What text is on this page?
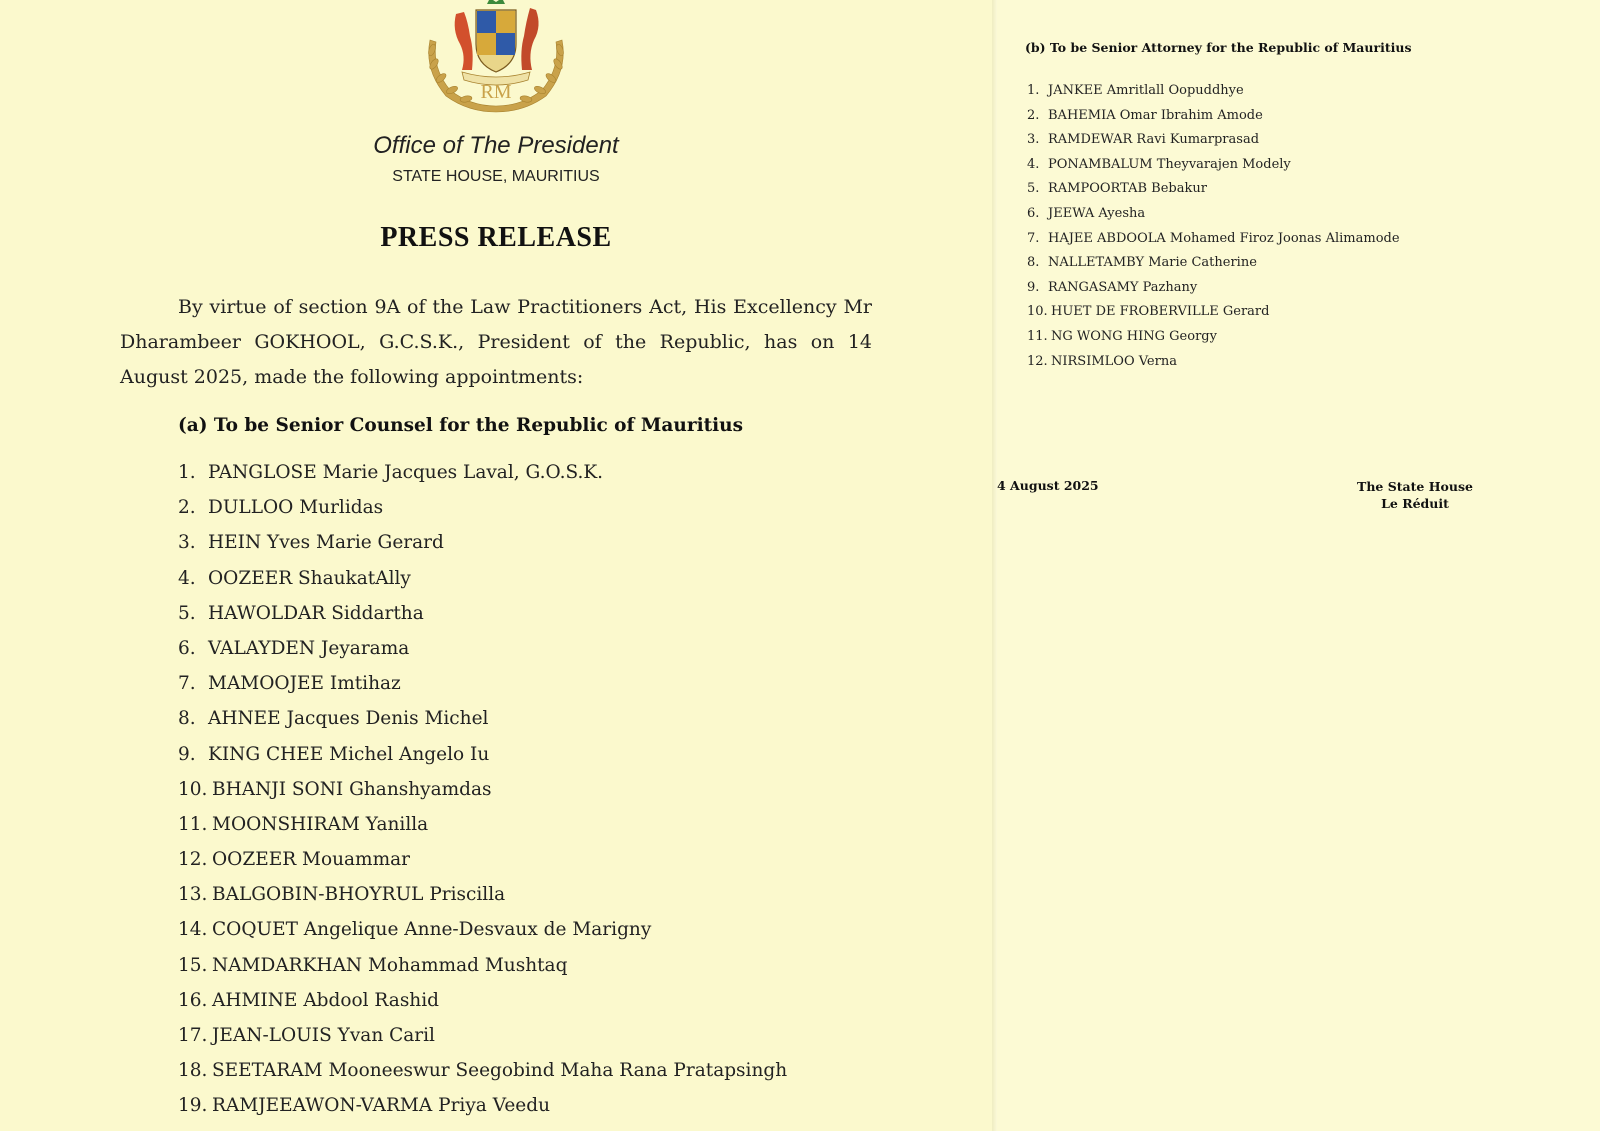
RM
Office of The President
STATE HOUSE, MAURITIUS
PRESS RELEASE
By virtue of section 9A of the Law Practitioners Act, His Excellency Mr Dharambeer GOKHOOL, G.C.S.K., President of the Republic, has on 14 August 2025, made the following appointments:
(a) To be Senior Counsel for the Republic of Mauritius
1. PANGLOSE Marie Jacques Laval, G.O.S.K.
2. DULLOO Murlidas
3. HEIN Yves Marie Gerard
4. OOZEER ShaukatAlly
5. HAWOLDAR Siddartha
6. VALAYDEN Jeyarama
7. MAMOOJEE Imtihaz
8. AHNEE Jacques Denis Michel
9. KING CHEE Michel Angelo Iu
10. BHANJI SONI Ghanshyamdas
11. MOONSHIRAM Yanilla
12. OOZEER Mouammar
13. BALGOBIN-BHOYRUL Priscilla
14. COQUET Angelique Anne-Desvaux de Marigny
15. NAMDARKHAN Mohammad Mushtaq
16. AHMINE Abdool Rashid
17. JEAN-LOUIS Yvan Caril
18. SEETARAM Mooneeswur Seegobind Maha Rana Pratapsingh
19. RAMJEEAWON-VARMA Priya Veedu
(b) To be Senior Attorney for the Republic of Mauritius
1. JANKEE Amritlall Oopuddhye
2. BAHEMIA Omar Ibrahim Amode
3. RAMDEWAR Ravi Kumarprasad
4. PONAMBALUM Theyvarajen Modely
5. RAMPOORTAB Bebakur
6. JEEWA Ayesha
7. HAJEE ABDOOLA Mohamed Firoz Joonas Alimamode
8. NALLETAMBY Marie Catherine
9. RANGASAMY Pazhany
10. HUET DE FROBERVILLE Gerard
11. NG WONG HING Georgy
12. NIRSIMLOO Verna
4 August 2025	The State House
Le Réduit
